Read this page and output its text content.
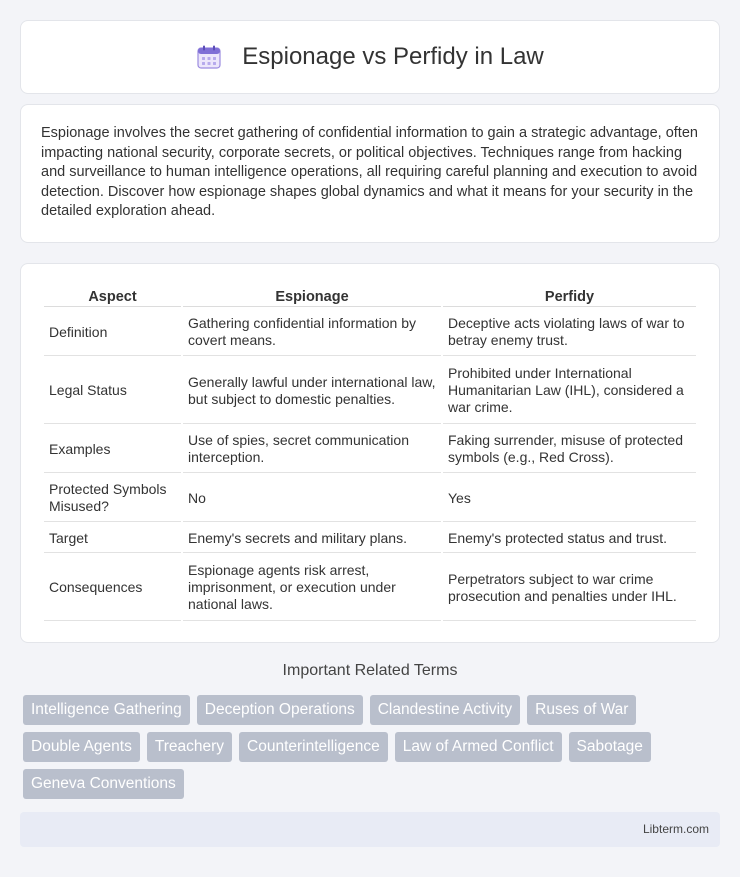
Espionage vs Perfidy in Law

Espionage involves the secret gathering of confidential information to gain a strategic advantage, often impacting national security, corporate secrets, or political objectives. Techniques range from hacking and surveillance to human intelligence operations, all requiring careful planning and execution to avoid detection. Discover how espionage shapes global dynamics and what it means for your security in the detailed exploration ahead.

Aspect	Espionage	Perfidy
Definition	Gathering confidential information by covert means.	Deceptive acts violating laws of war to betray enemy trust.
Legal Status	Generally lawful under international law, but subject to domestic penalties.	Prohibited under International Humanitarian Law (IHL), considered a war crime.
Examples	Use of spies, secret communication interception.	Faking surrender, misuse of protected symbols (e.g., Red Cross).
Protected Symbols Misused?	No	Yes
Target	Enemy's secrets and military plans.	Enemy's protected status and trust.
Consequences	Espionage agents risk arrest, imprisonment, or execution under national laws.	Perpetrators subject to war crime prosecution and penalties under IHL.
Important Related Terms
Intelligence Gathering	Deception Operations	Clandestine Activity	Ruses of War
Double Agents	Treachery	Counterintelligence	Law of Armed Conflict	Sabotage
Geneva Conventions
Libterm.com
